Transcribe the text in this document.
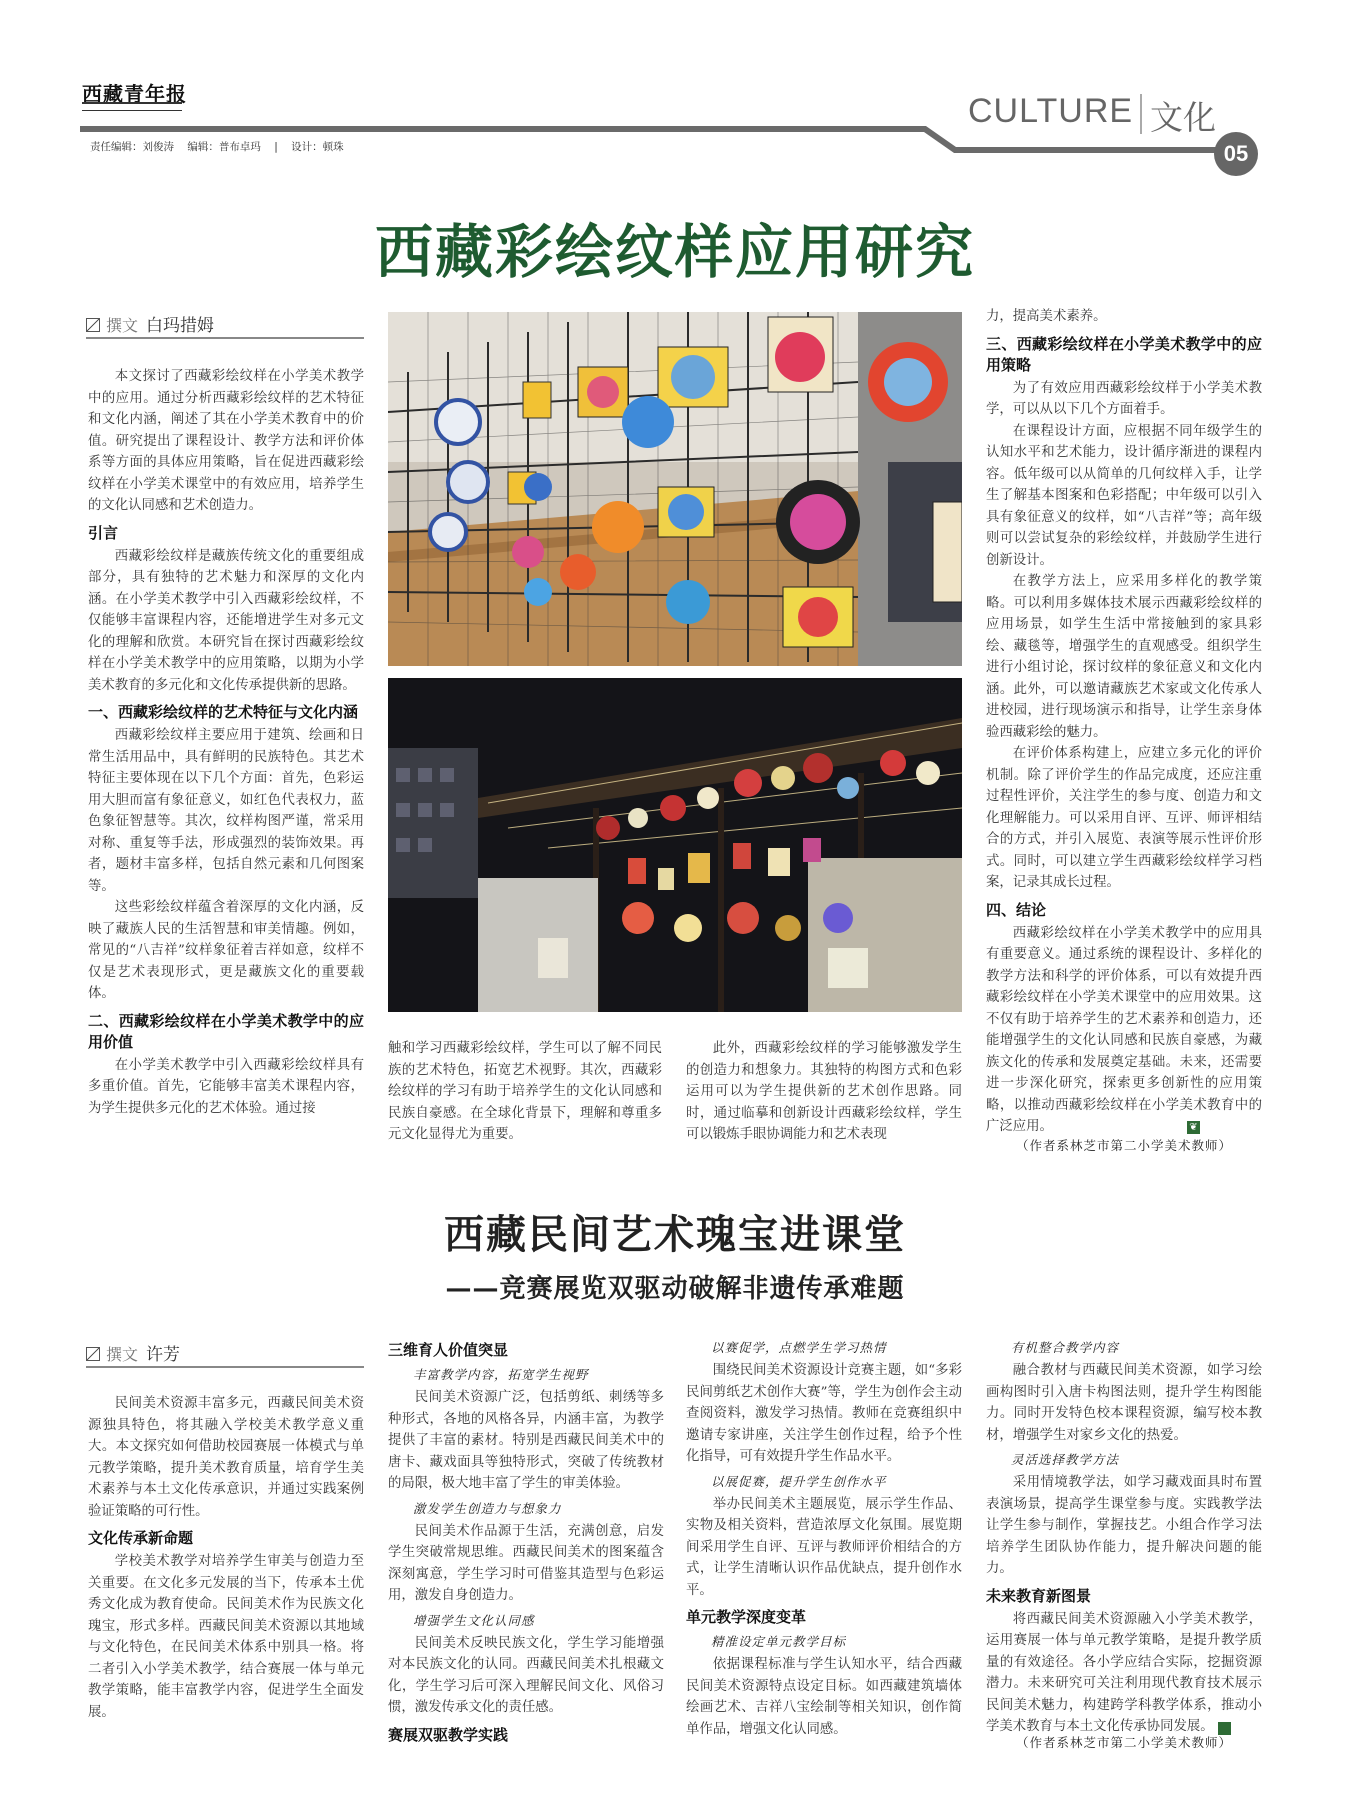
西藏青年报
责任编辑：刘俊涛 编辑：普布卓玛 | 设计：顿珠
CULTURE 文化
05
西藏彩绘纹样应用研究
撰文 白玛措姆

本文探讨了西藏彩绘纹样在小学美术教学中的应用。通过分析西藏彩绘纹样的艺术特征和文化内涵，阐述了其在小学美术教育中的价值。研究提出了课程设计、教学方法和评价体系等方面的具体应用策略，旨在促进西藏彩绘纹样在小学美术课堂中的有效应用，培养学生的文化认同感和艺术创造力。

引言

西藏彩绘纹样是藏族传统文化的重要组成部分，具有独特的艺术魅力和深厚的文化内涵。在小学美术教学中引入西藏彩绘纹样，不仅能够丰富课程内容，还能增进学生对多元文化的理解和欣赏。本研究旨在探讨西藏彩绘纹样在小学美术教学中的应用策略，以期为小学美术教育的多元化和文化传承提供新的思路。

一、西藏彩绘纹样的艺术特征与文化内涵

西藏彩绘纹样主要应用于建筑、绘画和日常生活用品中，具有鲜明的民族特色。其艺术特征主要体现在以下几个方面：首先，色彩运用大胆而富有象征意义，如红色代表权力，蓝色象征智慧等。其次，纹样构图严谨，常采用对称、重复等手法，形成强烈的装饰效果。再者，题材丰富多样，包括自然元素和几何图案等。

这些彩绘纹样蕴含着深厚的文化内涵，反映了藏族人民的生活智慧和审美情趣。例如，常见的“八吉祥”纹样象征着吉祥如意，纹样不仅是艺术表现形式，更是藏族文化的重要载体。

二、西藏彩绘纹样在小学美术教学中的应用价值

在小学美术教学中引入西藏彩绘纹样具有多重价值。首先，它能够丰富美术课程内容，为学生提供多元化的艺术体验。通过接

触和学习西藏彩绘纹样，学生可以了解不同民族的艺术特色，拓宽艺术视野。其次，西藏彩绘纹样的学习有助于培养学生的文化认同感和民族自豪感。在全球化背景下，理解和尊重多元文化显得尤为重要。

此外，西藏彩绘纹样的学习能够激发学生的创造力和想象力。其独特的构图方式和色彩运用可以为学生提供新的艺术创作思路。同时，通过临摹和创新设计西藏彩绘纹样，学生可以锻炼手眼协调能力和艺术表现

力，提高美术素养。

三、西藏彩绘纹样在小学美术教学中的应用策略

为了有效应用西藏彩绘纹样于小学美术教学，可以从以下几个方面着手。

在课程设计方面，应根据不同年级学生的认知水平和艺术能力，设计循序渐进的课程内容。低年级可以从简单的几何纹样入手，让学生了解基本图案和色彩搭配；中年级可以引入具有象征意义的纹样，如“八吉祥”等；高年级则可以尝试复杂的彩绘纹样，并鼓励学生进行创新设计。

在教学方法上，应采用多样化的教学策略。可以利用多媒体技术展示西藏彩绘纹样的应用场景，如学生生活中常接触到的家具彩绘、藏毯等，增强学生的直观感受。组织学生进行小组讨论，探讨纹样的象征意义和文化内涵。此外，可以邀请藏族艺术家或文化传承人进校园，进行现场演示和指导，让学生亲身体验西藏彩绘的魅力。

在评价体系构建上，应建立多元化的评价机制。除了评价学生的作品完成度，还应注重过程性评价，关注学生的参与度、创造力和文化理解能力。可以采用自评、互评、师评相结合的方式，并引入展览、表演等展示性评价形式。同时，可以建立学生西藏彩绘纹样学习档案，记录其成长过程。

四、结论

西藏彩绘纹样在小学美术教学中的应用具有重要意义。通过系统的课程设计、多样化的教学方法和科学的评价体系，可以有效提升西藏彩绘纹样在小学美术课堂中的应用效果。这不仅有助于培养学生的艺术素养和创造力，还能增强学生的文化认同感和民族自豪感，为藏族文化的传承和发展奠定基础。未来，还需要进一步深化研究，探索更多创新性的应用策略，以推动西藏彩绘纹样在小学美术教育中的广泛应用。

（作者系林芝市第二小学美术教师）
❦
西藏民间艺术瑰宝进课堂
——竞赛展览双驱动破解非遗传承难题
撰文 许芳

民间美术资源丰富多元，西藏民间美术资源独具特色，将其融入学校美术教学意义重大。本文探究如何借助校园赛展一体模式与单元教学策略，提升美术教育质量，培育学生美术素养与本土文化传承意识，并通过实践案例验证策略的可行性。

文化传承新命题

学校美术教学对培养学生审美与创造力至关重要。在文化多元发展的当下，传承本土优秀文化成为教育使命。民间美术作为民族文化瑰宝，形式多样。西藏民间美术资源以其地域与文化特色，在民间美术体系中别具一格。将二者引入小学美术教学，结合赛展一体与单元教学策略，能丰富教学内容，促进学生全面发展。

三维育人价值突显
丰富教学内容，拓宽学生视野

民间美术资源广泛，包括剪纸、刺绣等多种形式，各地的风格各异，内涵丰富，为教学提供了丰富的素材。特别是西藏民间美术中的唐卡、藏戏面具等独特形式，突破了传统教材的局限，极大地丰富了学生的审美体验。

激发学生创造力与想象力

民间美术作品源于生活，充满创意，启发学生突破常规思维。西藏民间美术的图案蕴含深刻寓意，学生学习时可借鉴其造型与色彩运用，激发自身创造力。

增强学生文化认同感

民间美术反映民族文化，学生学习能增强对本民族文化的认同。西藏民间美术扎根藏文化，学生学习后可深入理解民间文化、风俗习惯，激发传承文化的责任感。

赛展双驱教学实践
以赛促学，点燃学生学习热情

围绕民间美术资源设计竞赛主题，如“多彩民间剪纸艺术创作大赛”等，学生为创作会主动查阅资料，激发学习热情。教师在竞赛组织中邀请专家讲座，关注学生创作过程，给予个性化指导，可有效提升学生作品水平。

以展促赛，提升学生创作水平

举办民间美术主题展览，展示学生作品、实物及相关资料，营造浓厚文化氛围。展览期间采用学生自评、互评与教师评价相结合的方式，让学生清晰认识作品优缺点，提升创作水平。

单元教学深度变革
精准设定单元教学目标

依据课程标准与学生认知水平，结合西藏民间美术资源特点设定目标。如西藏建筑墙体绘画艺术、吉祥八宝绘制等相关知识，创作简单作品，增强文化认同感。

有机整合教学内容

融合教材与西藏民间美术资源，如学习绘画构图时引入唐卡构图法则，提升学生构图能力。同时开发特色校本课程资源，编写校本教材，增强学生对家乡文化的热爱。

灵活选择教学方法

采用情境教学法，如学习藏戏面具时布置表演场景，提高学生课堂参与度。实践教学法让学生参与制作，掌握技艺。小组合作学习法培养学生团队协作能力，提升解决问题的能力。

未来教育新图景

将西藏民间美术资源融入小学美术教学，运用赛展一体与单元教学策略，是提升教学质量的有效途径。各小学应结合实际，挖掘资源潜力。未来研究可关注利用现代教育技术展示民间美术魅力，构建跨学科教学体系，推动小学美术教育与本土文化传承协同发展。	❦

（作者系林芝市第二小学美术教师）
